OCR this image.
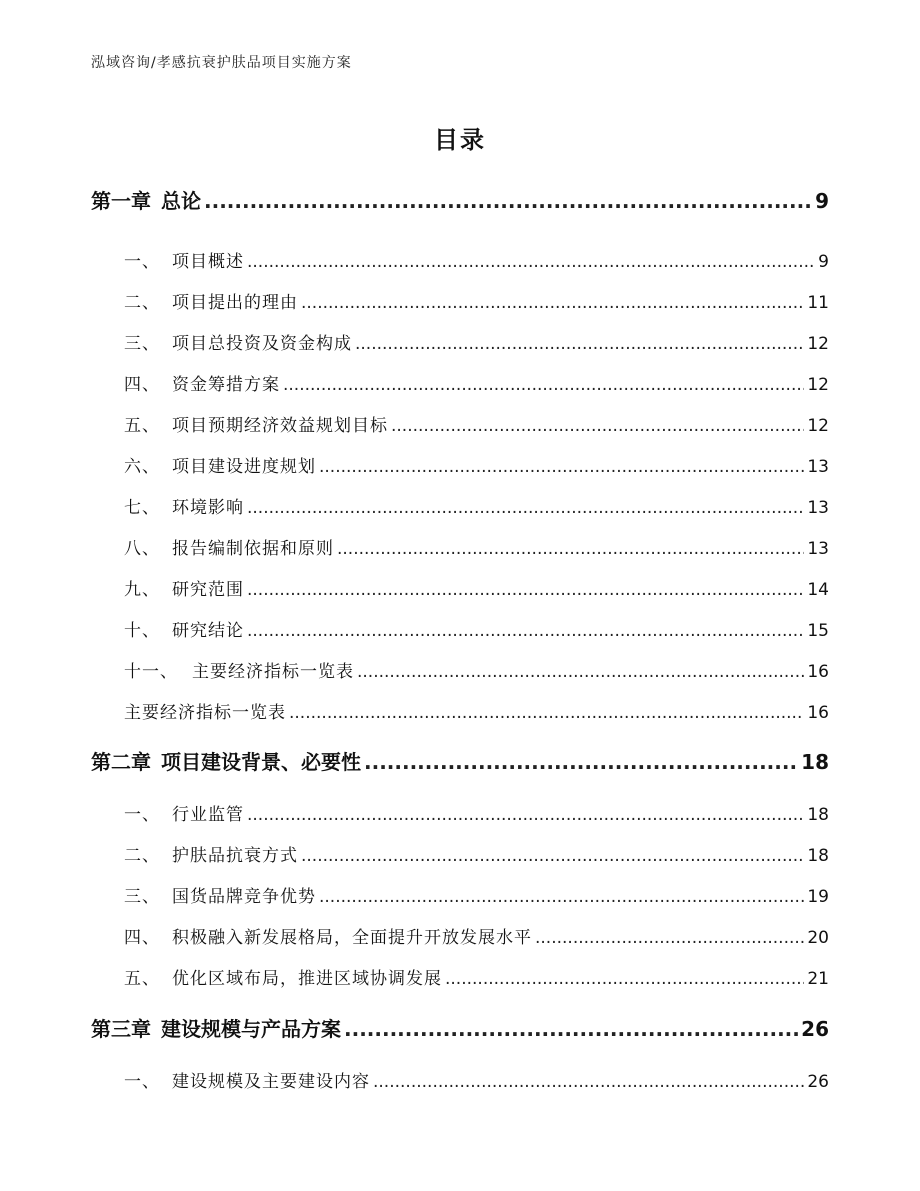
泓域咨询/孝感抗衰护肤品项目实施方案
目录
第一章 总论 .....	9
一、 项目概述 .....	9
二、 项目提出的理由 .....	11
三、 项目总投资及资金构成 .....	12
四、 资金筹措方案 .....	12
五、 项目预期经济效益规划目标 .....	12
六、 项目建设进度规划 .....	13
七、 环境影响 .....	13
八、 报告编制依据和原则 .....	13
九、 研究范围 .....	14
十、 研究结论 .....	15
十一、 主要经济指标一览表 .....	16
主要经济指标一览表 .....	16
第二章 项目建设背景、必要性 .....	18
一、 行业监管 .....	18
二、 护肤品抗衰方式 .....	18
三、 国货品牌竞争优势 .....	19
四、 积极融入新发展格局，全面提升开放发展水平 .....	20
五、 优化区域布局，推进区域协调发展 .....	21
第三章 建设规模与产品方案 .....	26
一、 建设规模及主要建设内容 .....	26
